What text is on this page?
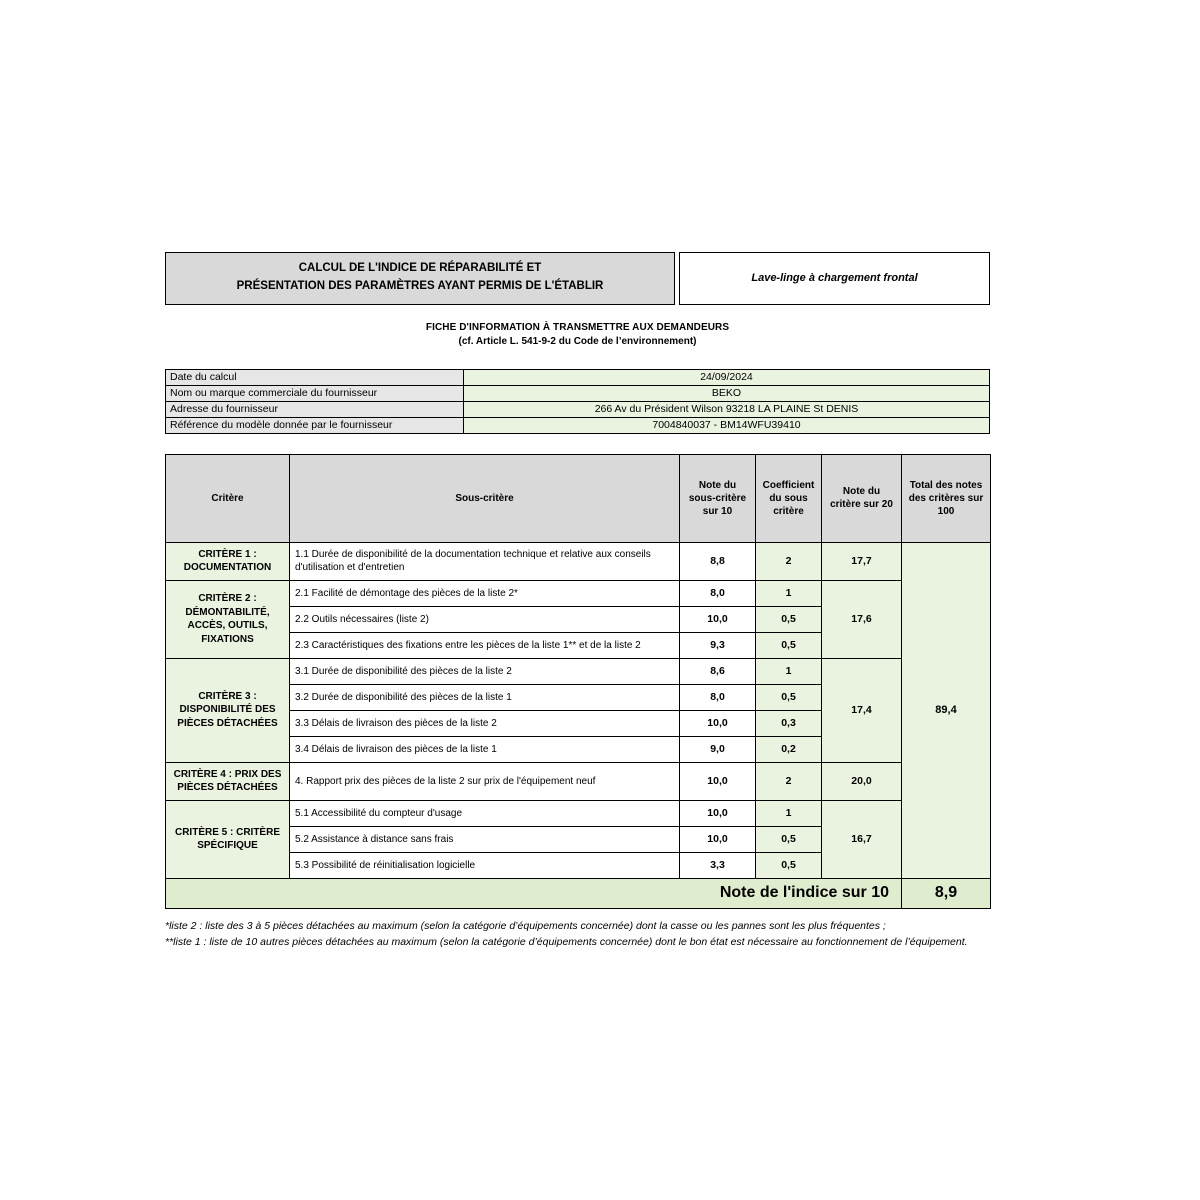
CALCUL DE L'INDICE DE RÉPARABILITÉ ET
PRÉSENTATION DES PARAMÈTRES AYANT PERMIS DE L'ÉTABLIR
Lave-linge à chargement frontal
FICHE D'INFORMATION À TRANSMETTRE AUX DEMANDEURS
(cf. Article L. 541-9-2 du Code de l’environnement)
Date du calcul	24/09/2024
Nom ou marque commerciale du fournisseur	BEKO
Adresse du fournisseur	266 Av du Président Wilson 93218 LA PLAINE St DENIS
Référence du modèle donnée par le fournisseur	7004840037 - BM14WFU39410
Critère	Sous-critère	Note du sous-critère sur 10	Coefficient du sous critère	Note du critère sur 20	Total des notes des critères sur 100
CRITÈRE 1 : DOCUMENTATION	1.1 Durée de disponibilité de la documentation technique et relative aux conseils d'utilisation et d'entretien	8,8	2	17,7	89,4
CRITÈRE 2 : DÉMONTABILITÉ, ACCÈS, OUTILS, FIXATIONS	2.1 Facilité de démontage des pièces de la liste 2*	8,0	1	17,6	
	2.2 Outils nécessaires (liste 2)	10,0	0,5		
	2.3 Caractéristiques des fixations entre les pièces de la liste 1** et de la liste 2	9,3	0,5		
CRITÈRE 3 : DISPONIBILITÉ DES PIÈCES DÉTACHÉES	3.1 Durée de disponibilité des pièces de la liste 2	8,6	1	17,4	
	3.2 Durée de disponibilité des pièces de la liste 1	8,0	0,5		
	3.3 Délais de livraison des pièces de la liste 2	10,0	0,3		
	3.4 Délais de livraison des pièces de la liste 1	9,0	0,2		
CRITÈRE 4 : PRIX DES PIÈCES DÉTACHÉES	4. Rapport prix des pièces de la liste 2 sur prix de l'équipement neuf	10,0	2	20,0	
CRITÈRE 5 : CRITÈRE SPÉCIFIQUE	5.1 Accessibilité du compteur d'usage	10,0	1	16,7	
	5.2 Assistance à distance sans frais	10,0	0,5		
	5.3 Possibilité de réinitialisation logicielle	3,3	0,5		
Note de l'indice sur 10	8,9
*liste 2 : liste des 3 à 5 pièces détachées au maximum (selon la catégorie d’équipements concernée) dont la casse ou les pannes sont les plus fréquentes ;
**liste 1 : liste de 10 autres pièces détachées au maximum (selon la catégorie d’équipements concernée) dont le bon état est nécessaire au fonctionnement de l’équipement.
